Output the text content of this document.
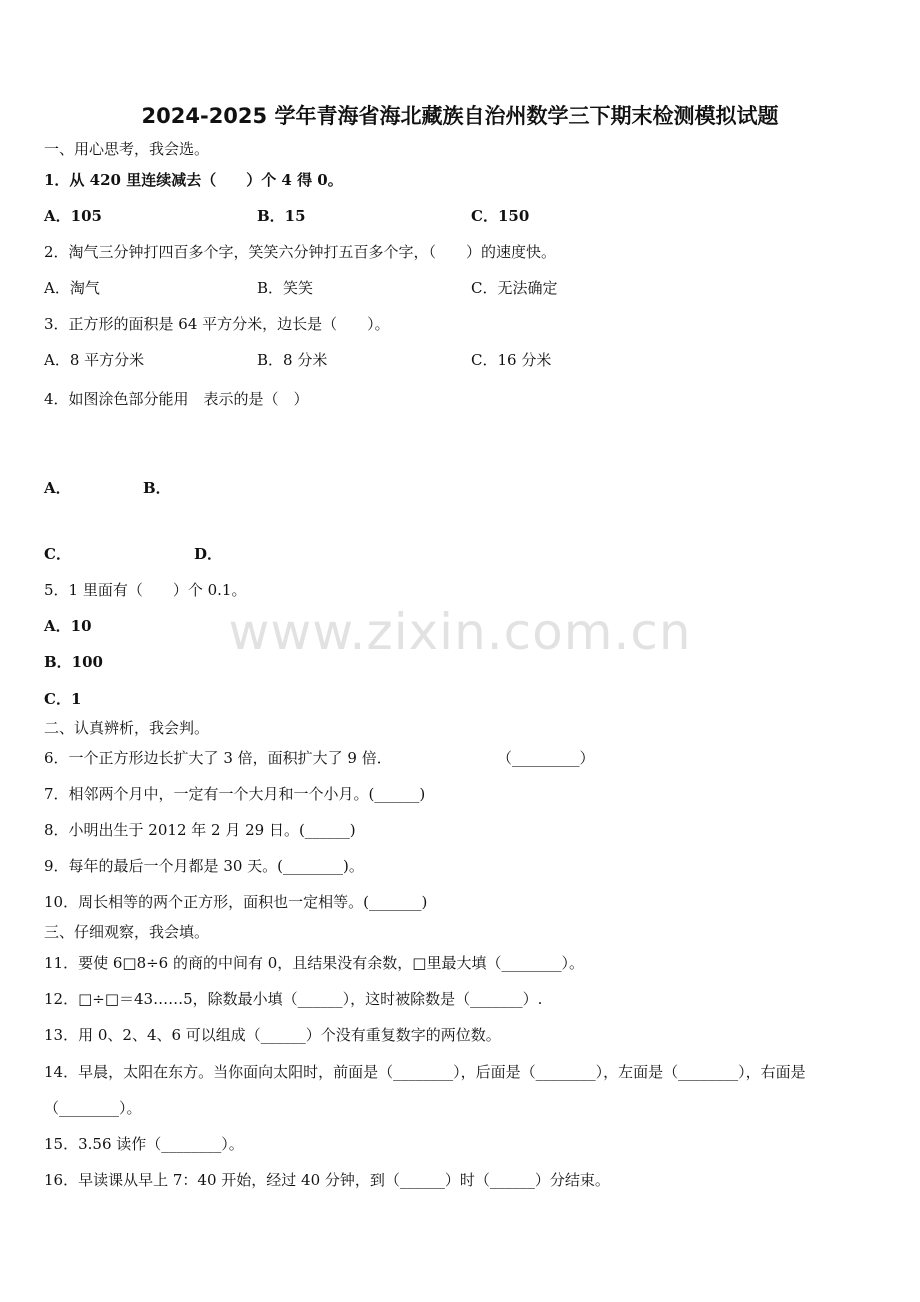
2024-2025 学年青海省海北藏族自治州数学三下期末检测模拟试题
一、用心思考，我会选。
1．从 420 里连续减去（　　）个 4 得 0。
A．105	B．15	C．150
2．淘气三分钟打四百多个字，笑笑六分钟打五百多个字，（　　）的速度快。
A．淘气	B．笑笑	C．无法确定
3．正方形的面积是 64 平方分米，边长是（　　）。
A．8 平方分米	B．8 分米	C．16 分米
4．如图涂色部分能用　表示的是（　）
A．	B．
C．	D．
5．1 里面有（　　）个 0.1。
A．10
B．100
C．1
www.zixin.com.cn
二、认真辨析，我会判。
6．一个正方形边长扩大了 3 倍，面积扩大了 9 倍．	（_________）
7．相邻两个月中，一定有一个大月和一个小月。(______)
8．小明出生于 2012 年 2 月 29 日。(______)
9．每年的最后一个月都是 30 天。(________)。
10．周长相等的两个正方形，面积也一定相等。(_______)
三、仔细观察，我会填。
11．要使 6□8÷6 的商的中间有 0，且结果没有余数，□里最大填（________）。
12．□÷□＝43……5，除数最小填（______），这时被除数是（_______）.
13．用 0、2、4、6 可以组成（______）个没有重复数字的两位数。
14．早晨，太阳在东方。当你面向太阳时，前面是（________），后面是（________），左面是（________），右面是
（________）。
15．3.56 读作（________）。
16．早读课从早上 7：40 开始，经过 40 分钟，到（______）时（______）分结束。
